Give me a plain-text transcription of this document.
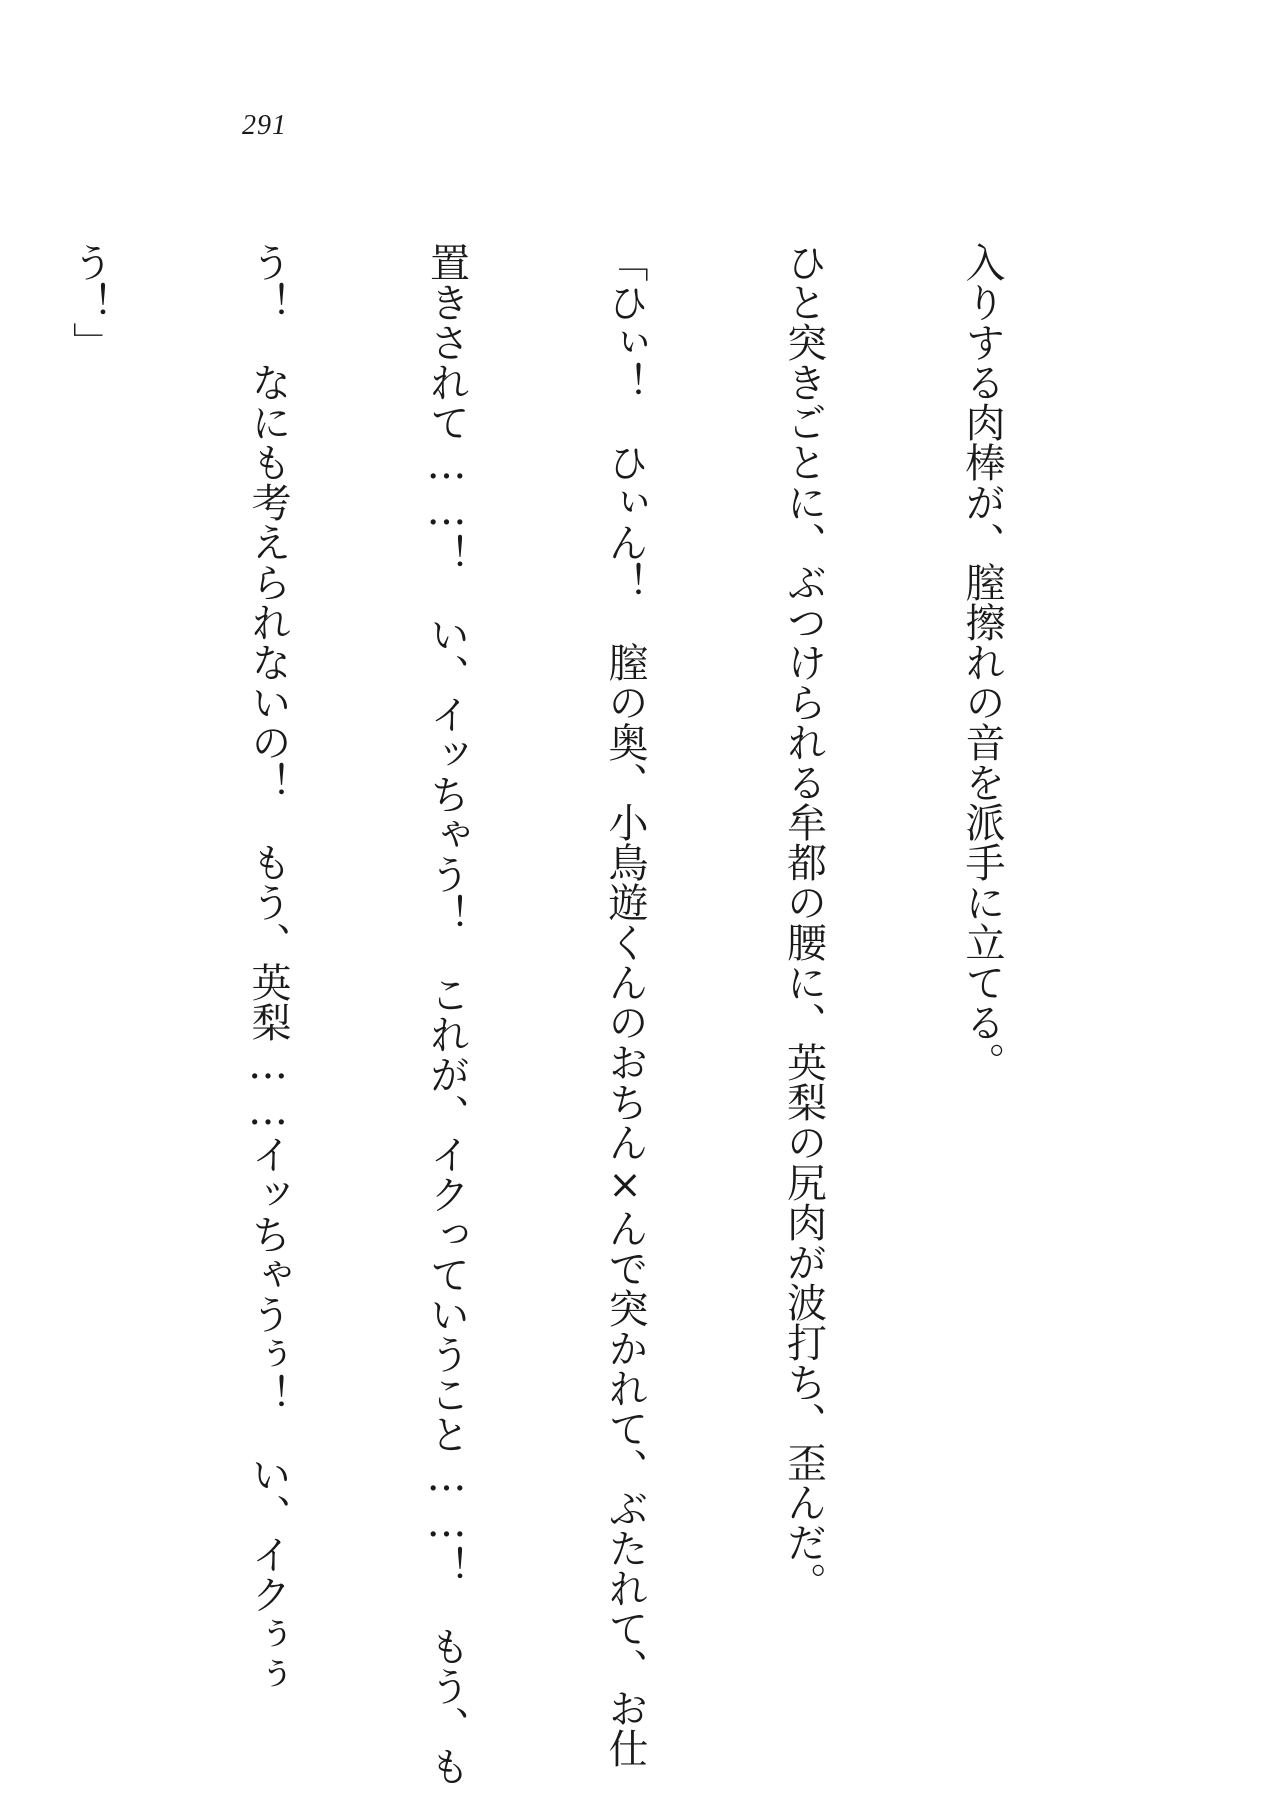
291

入りする肉棒が、膣擦れの音を派手に立てる。

ひと突きごとに、ぶつけられる牟都の腰に、英梨の尻肉が波打ち、歪んだ。

「ひぃ！　ひぃん！　膣の奥、小鳥遊くんのおちん×んで突かれて、ぶたれて、お仕

置きされて……！　い、イッちゃう！　これが、イクっていうこと……！　もう、も

う！　なにも考えられないの！　もう、英梨……イッちゃうぅ！　い、イクぅぅ

う！」
